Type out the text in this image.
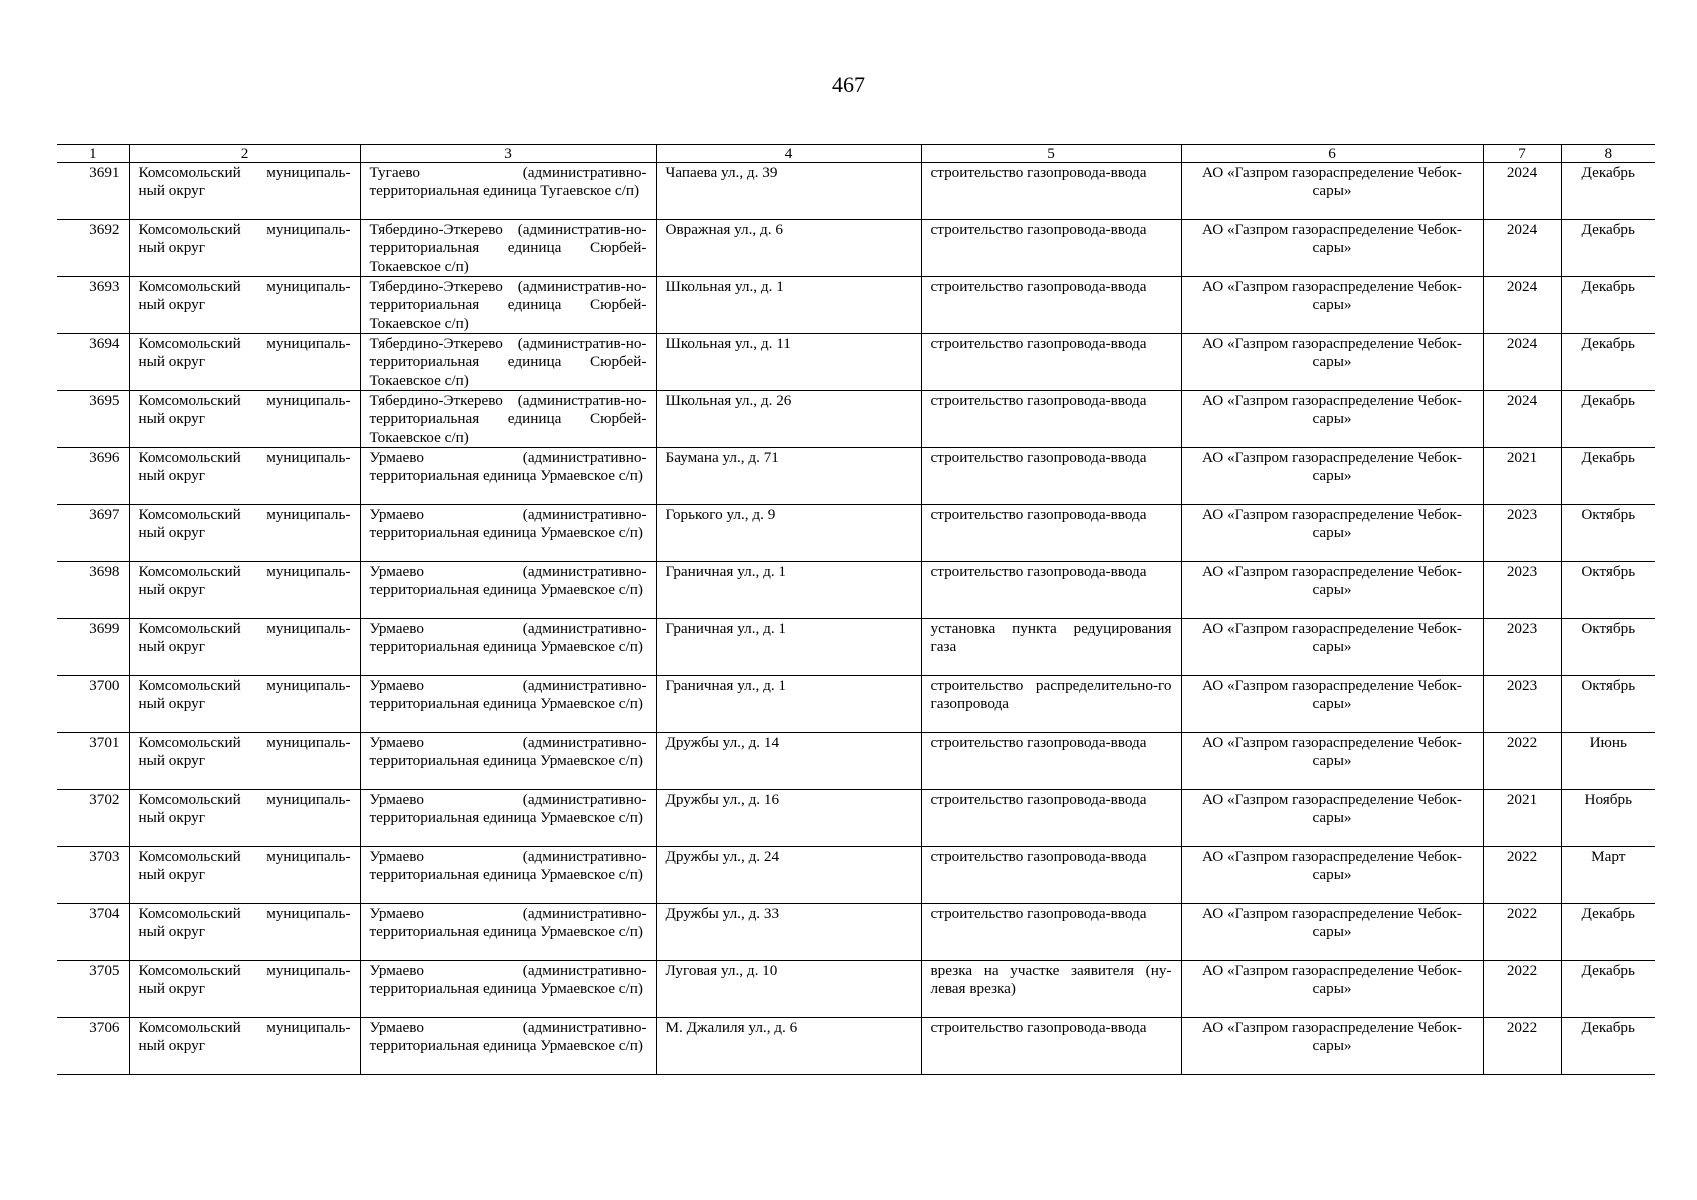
467
1	2	3	4	5	6	7	8
3691	Комсомольский муниципаль-ный округ	Тугаево (административно-территориальная единица Тугаевское с/п)	Чапаева ул., д. 39	строительство газопровода-ввода	АО «Газпром газораспределение Чебок-сары»	2024	Декабрь
3692	Комсомольский муниципаль-ный округ	Тябердино-Эткерево (административ-но-территориальная единица Сюрбей-Токаевское с/п)	Овражная ул., д. 6	строительство газопровода-ввода	АО «Газпром газораспределение Чебок-сары»	2024	Декабрь
3693	Комсомольский муниципаль-ный округ	Тябердино-Эткерево (административ-но-территориальная единица Сюрбей-Токаевское с/п)	Школьная ул., д. 1	строительство газопровода-ввода	АО «Газпром газораспределение Чебок-сары»	2024	Декабрь
3694	Комсомольский муниципаль-ный округ	Тябердино-Эткерево (административ-но-территориальная единица Сюрбей-Токаевское с/п)	Школьная ул., д. 11	строительство газопровода-ввода	АО «Газпром газораспределение Чебок-сары»	2024	Декабрь
3695	Комсомольский муниципаль-ный округ	Тябердино-Эткерево (административ-но-территориальная единица Сюрбей-Токаевское с/п)	Школьная ул., д. 26	строительство газопровода-ввода	АО «Газпром газораспределение Чебок-сары»	2024	Декабрь
3696	Комсомольский муниципаль-ный округ	Урмаево (административно-территориальная единица Урмаевское с/п)	Баумана ул., д. 71	строительство газопровода-ввода	АО «Газпром газораспределение Чебок-сары»	2021	Декабрь
3697	Комсомольский муниципаль-ный округ	Урмаево (административно-территориальная единица Урмаевское с/п)	Горького ул., д. 9	строительство газопровода-ввода	АО «Газпром газораспределение Чебок-сары»	2023	Октябрь
3698	Комсомольский муниципаль-ный округ	Урмаево (административно-территориальная единица Урмаевское с/п)	Граничная ул., д. 1	строительство газопровода-ввода	АО «Газпром газораспределение Чебок-сары»	2023	Октябрь
3699	Комсомольский муниципаль-ный округ	Урмаево (административно-территориальная единица Урмаевское с/п)	Граничная ул., д. 1	установка пункта редуцирования газа	АО «Газпром газораспределение Чебок-сары»	2023	Октябрь
3700	Комсомольский муниципаль-ный округ	Урмаево (административно-территориальная единица Урмаевское с/п)	Граничная ул., д. 1	строительство распределительно-го газопровода	АО «Газпром газораспределение Чебок-сары»	2023	Октябрь
3701	Комсомольский муниципаль-ный округ	Урмаево (административно-территориальная единица Урмаевское с/п)	Дружбы ул., д. 14	строительство газопровода-ввода	АО «Газпром газораспределение Чебок-сары»	2022	Июнь
3702	Комсомольский муниципаль-ный округ	Урмаево (административно-территориальная единица Урмаевское с/п)	Дружбы ул., д. 16	строительство газопровода-ввода	АО «Газпром газораспределение Чебок-сары»	2021	Ноябрь
3703	Комсомольский муниципаль-ный округ	Урмаево (административно-территориальная единица Урмаевское с/п)	Дружбы ул., д. 24	строительство газопровода-ввода	АО «Газпром газораспределение Чебок-сары»	2022	Март
3704	Комсомольский муниципаль-ный округ	Урмаево (административно-территориальная единица Урмаевское с/п)	Дружбы ул., д. 33	строительство газопровода-ввода	АО «Газпром газораспределение Чебок-сары»	2022	Декабрь
3705	Комсомольский муниципаль-ный округ	Урмаево (административно-территориальная единица Урмаевское с/п)	Луговая ул., д. 10	врезка на участке заявителя (ну-левая врезка)	АО «Газпром газораспределение Чебок-сары»	2022	Декабрь
3706	Комсомольский муниципаль-ный округ	Урмаево (административно-территориальная единица Урмаевское с/п)	М. Джалиля ул., д. 6	строительство газопровода-ввода	АО «Газпром газораспределение Чебок-сары»	2022	Декабрь
